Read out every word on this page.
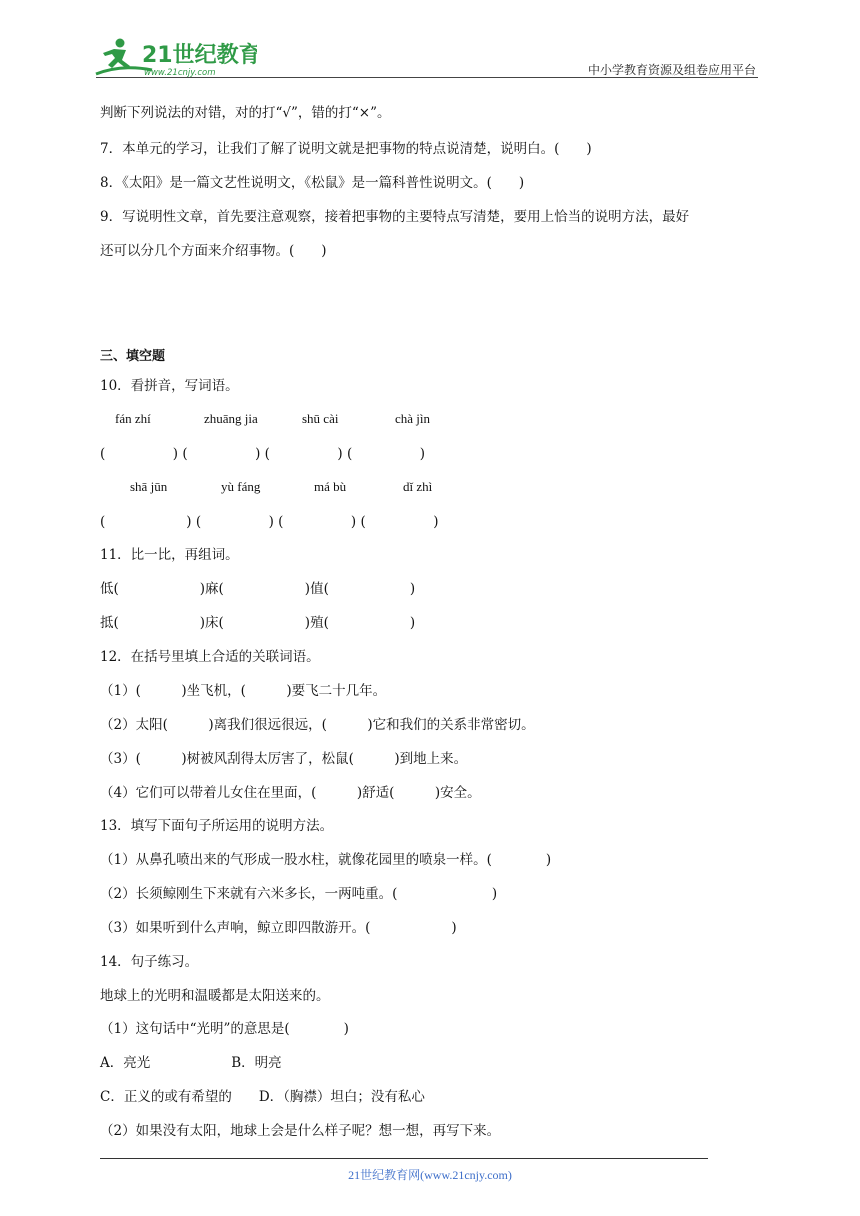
21世纪教育
www.21cnjy.com	中小学教育资源及组卷应用平台
判断下列说法的对错，对的打“√”，错的打“×”。
7．本单元的学习，让我们了解了说明文就是把事物的特点说清楚，说明白。(　　)
8．《太阳》是一篇文艺性说明文，《松鼠》是一篇科普性说明文。(　　)
9．写说明性文章，首先要注意观察，接着把事物的主要特点写清楚，要用上恰当的说明方法，最好
还可以分几个方面来介绍事物。(　　)
三、填空题
10．看拼音，写词语。
fán zhí	zhuāng jia	shū cài	chà jìn
(　　　　　) (　　　　　) (　　　　　) (　　　　　)
shā jūn	yù fáng	má bù	dǐ zhì
(　　　　　　) (　　　　　) (　　　　　) (　　　　　)
11．比一比，再组词。
低(　　　　　　)麻(　　　　　　)值(　　　　　　)
抵(　　　　　　)床(　　　　　　)殖(　　　　　　)
12．在括号里填上合适的关联词语。
（1）(　　　)坐飞机，(　　　)要飞二十几年。
（2）太阳(　　　)离我们很远很远，(　　　)它和我们的关系非常密切。
（3）(　　　)树被风刮得太厉害了，松鼠(　　　)到地上来。
（4）它们可以带着儿女住在里面，(　　　)舒适(　　　)安全。
13．填写下面句子所运用的说明方法。
（1）从鼻孔喷出来的气形成一股水柱，就像花园里的喷泉一样。(　　　　)
（2）长须鲸刚生下来就有六米多长，一两吨重。(　　　　　　　)
（3）如果听到什么声响，鲸立即四散游开。(　　　　　　)
14．句子练习。
地球上的光明和温暖都是太阳送来的。
（1）这句话中“光明”的意思是(　　　　)
A．亮光　　　　　　B．明亮
C．正义的或有希望的　　D．（胸襟）坦白；没有私心
（2）如果没有太阳，地球上会是什么样子呢？想一想，再写下来。
21世纪教育网(www.21cnjy.com)
